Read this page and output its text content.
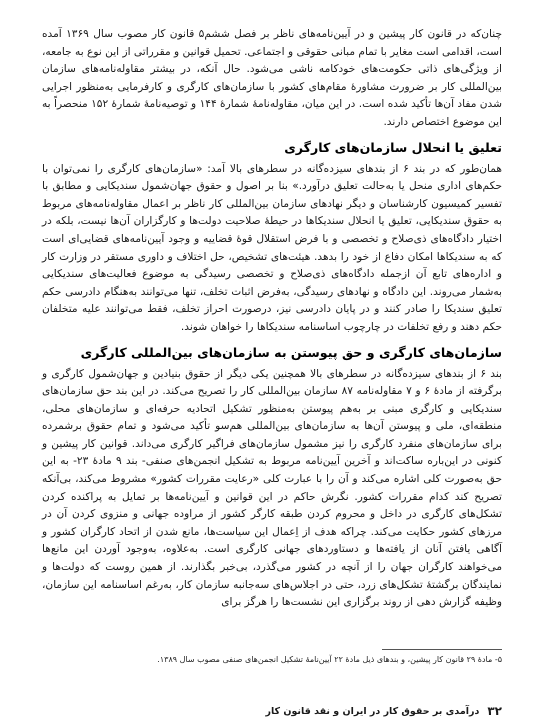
چنان‌که در قانون کار پیشین و در آیین‌نامه‌های ناظر بر فصل ششم۵ قانون کار مصوب سال ۱۳۶۹ آمده است، اقدامی است مغایر با تمام مبانی حقوقی و اجتماعی. تحمیل قوانین و مقرراتی از این نوع به جامعه، از ویژگی‌های ذاتی حکومت‌های خودکامه ناشی می‌شود. حال آنکه، در بیشتر مقاوله‌نامه‌های سازمان بین‌المللی کار بر ضرورت مشاورهٔ مقام‌های کشور با سازمان‌های کارگری و کارفرمایی به‌منظور اجرایی شدن مفاد آن‌ها تأکید شده است. در این میان، مقاوله‌نامهٔ شمارهٔ ۱۴۴ و توصیه‌نامهٔ شمارهٔ ۱۵۲ منحصراً به این موضوع اختصاص دارند.

تعلیق یا انحلال سازمان‌های کارگری

همان‌طور که در بند ۶ از بندهای سیزده‌گانه در سطرهای بالا آمد: «سازمان‌های کارگری را نمی‌توان با حکم‌های اداری منحل یا به‌حالت تعلیق درآورد.» بنا بر اصول و حقوق جهان‌شمول سندیکایی و مطابق با تفسیر کمیسیون کارشناسان و دیگر نهادهای سازمان بین‌المللی کار ناظر بر اعمال مقاوله‌نامه‌های مربوط به حقوق سندیکایی، تعلیق یا انحلال سندیکاها در حیطهٔ صلاحیت دولت‌ها و کارگزاران آن‌ها نیست، بلکه در اختیار دادگاه‌های ذی‌صلاح و تخصصی و با فرض استقلال قوهٔ قضاییه و وجود آیین‌نامه‌های قضایی‌ای است که به سندیکاها امکان دفاع از خود را بدهد. هیئت‌های تشخیص، حل اختلاف و داوری مستقر در وزارت کار و اداره‌های تابع آن ازجمله دادگاه‌های ذی‌صلاح و تخصصی رسیدگی به موضوع فعالیت‌های سندیکایی به‌شمار می‌روند. این دادگاه و نهادهای رسیدگی، به‌فرض اثبات تخلف، تنها می‌توانند به‌هنگام دادرسی حکم تعلیق سندیکا را صادر کنند و در پایان دادرسی نیز، درصورت احراز تخلف، فقط می‌توانند علیه متخلفان حکم دهند و رفع تخلفات در چارچوب اساسنامه سندیکاها را خواهان شوند.

سازمان‌های کارگری و حق پیوستن به سازمان‌های بین‌المللی کارگری

بند ۶ از بندهای سیزده‌گانه در سطرهای بالا همچنین یکی دیگر از حقوق بنیادین و جهان‌شمول کارگری و برگرفته از مادهٔ ۶ و ۷ مقاوله‌نامه ۸۷ سازمان بین‌المللی کار را تصریح می‌کند. در این بند حق سازمان‌های سندیکایی و کارگری مبنی بر به‌هم پیوستن به‌منظور تشکیل اتحادیه حرفه‌ای و سازمان‌های محلی، منطقه‌ای، ملی و پیوستن آن‌ها به سازمان‌های بین‌المللی هم‌سو تأکید می‌شود و تمام حقوق برشمرده برای سازمان‌های منفرد کارگری را نیز مشمول سازمان‌های فراگیر کارگری می‌داند. قوانین کار پیشین و کنونی در این‌باره ساکت‌اند و آخرین آیین‌نامه مربوط به تشکیل انجمن‌های صنفی- بند ۹ مادهٔ ۲۳- به این حق به‌صورت کلی اشاره می‌کند و آن را با عبارت کلی «رعایت مقررات کشور» مشروط می‌کند، بی‌آنکه تصریح کند کدام مقررات کشور. نگرش حاکم در این قوانین و آیین‌نامه‌ها بر تمایل به پراکنده کردن تشکل‌های کارگری در داخل و محروم کردن طبقه کارگر کشور از مراوده جهانی و منزوی کردن آن در مرزهای کشور حکایت می‌کند. چراکه هدف از اِعمال این سیاست‌ها، مانع شدن از اتحاد کارگران کشور و آگاهی یافتن آنان از یافته‌ها و دستاوردهای جهانی کارگری است. به‌علاوه، به‌وجود آوردن این مانع‌ها می‌خواهند کارگران جهان را از آنچه در کشور می‌گذرد، بی‌خبر بگذارند. از همین روست که دولت‌ها و نمایندگان برگشتهٔ تشکل‌های زرد، حتی در اجلاس‌های سه‌جانبه سازمان کار، به‌رغم اساسنامه این سازمان، وظیفه گزارش دهی از روند برگزاری این نشست‌ها را هرگز برای

۵- مادهٔ ۲۹ قانون کار پیشین، و بندهای ذیل مادهٔ ۲۲ آیین‌نامهٔ تشکیل انجمن‌های صنفی مصوب سال ۱۳۸۹.

۳۲
درآمدی بر حقوق کار در ایران و نقد قانون کار
